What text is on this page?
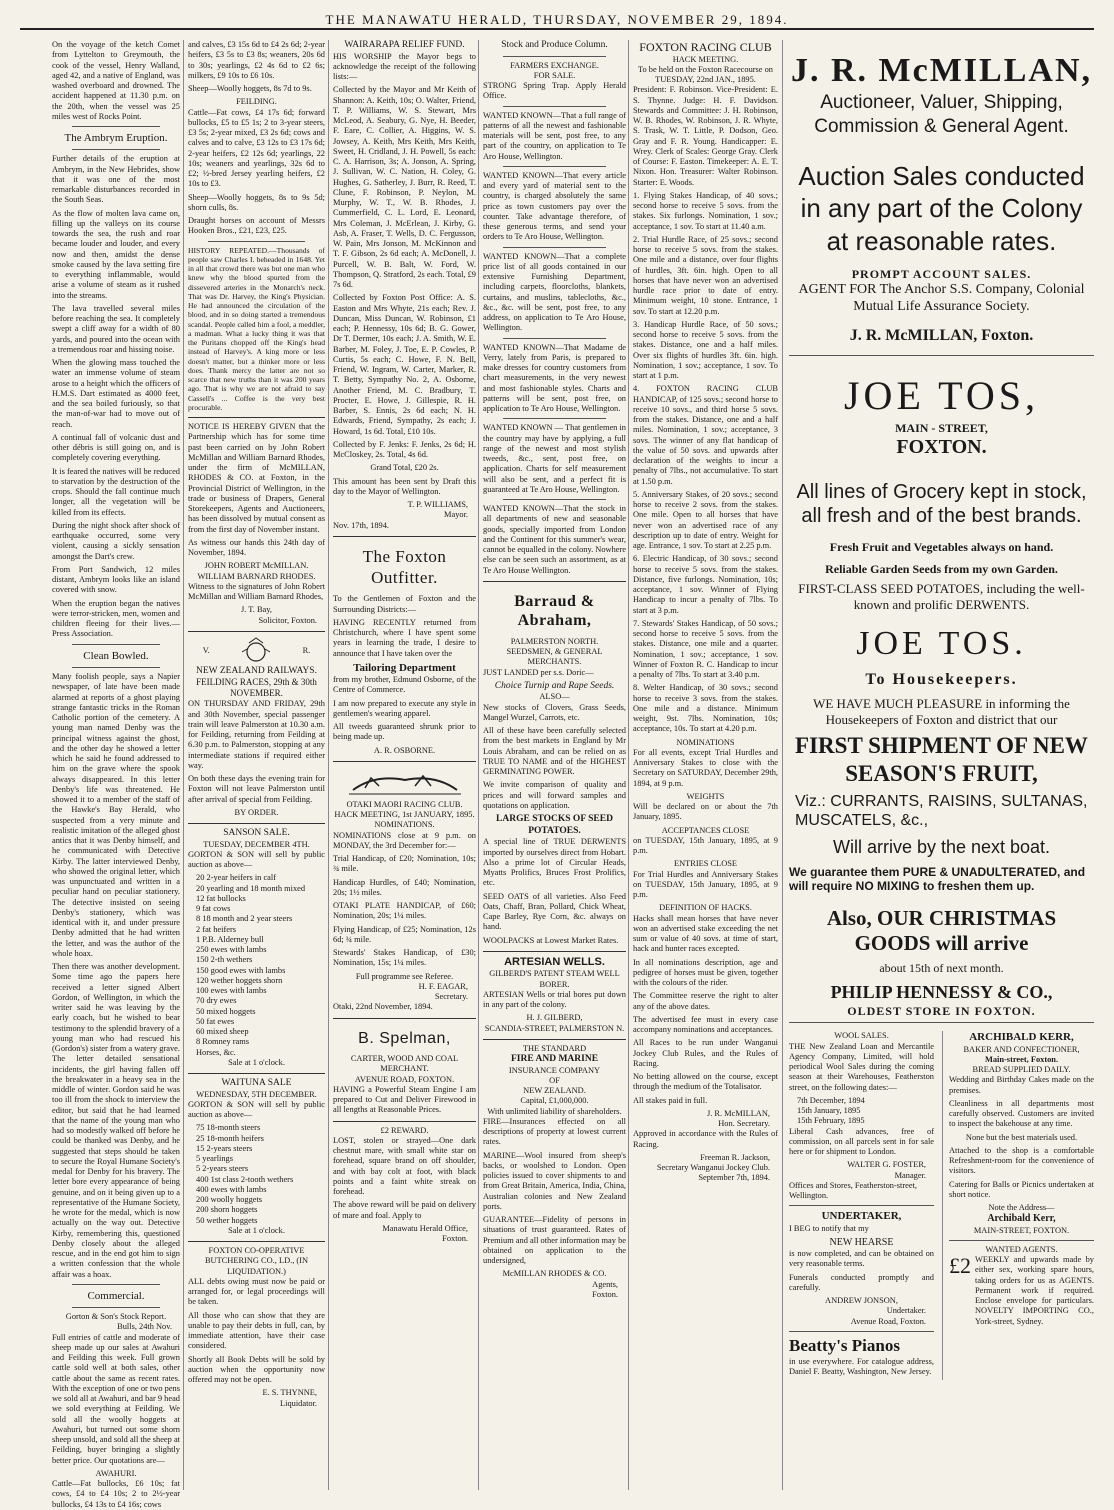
THE MANAWATU HERALD, THURSDAY, NOVEMBER 29, 1894.

On the voyage of the ketch Comet from Lyttelton to Greymouth, the cook of the vessel, Henry Walland, aged 42, and a native of England, was washed overboard and drowned. The accident happened at 11.30 p.m. on the 20th, when the vessel was 25 miles west of Rocks Point.

The Ambrym Eruption.

Further details of the eruption at Ambrym, in the New Hebrides, show that it was one of the most remarkable disturbances recorded in the South Seas.

As the flow of molten lava came on, filling up the valleys on its course towards the sea, the rush and roar became louder and louder, and every now and then, amidst the dense smoke caused by the lava setting fire to everything inflammable, would arise a volume of steam as it rushed into the streams.

The lava travelled several miles before reaching the sea. It completely swept a cliff away for a width of 80 yards, and poured into the ocean with a tremendous roar and hissing noise.

When the glowing mass touched the water an immense volume of steam arose to a height which the officers of H.M.S. Dart estimated as 4000 feet, and the sea boiled furiously, so that the man-of-war had to move out of reach.

A continual fall of volcanic dust and other débris is still going on, and is completely covering everything.

It is feared the natives will be reduced to starvation by the destruction of the crops. Should the fall continue much longer, all the vegetation will be killed from its effects.

During the night shock after shock of earthquake occurred, some very violent, causing a sickly sensation amongst the Dart's crew.

From Port Sandwich, 12 miles distant, Ambrym looks like an island covered with snow.

When the eruption began the natives were terror-stricken, men, women and children fleeing for their lives.—Press Association.

Clean Bowled.

Many foolish people, says a Napier newspaper, of late have been made alarmed at reports of a ghost playing strange fantastic tricks in the Roman Catholic portion of the cemetery. A young man named Denby was the principal witness against the ghost, and the other day he showed a letter which he said he found addressed to him on the grave where the spook always disappeared. In this letter Denby's life was threatened. He showed it to a member of the staff of the Hawke's Bay Herald, who suspected from a very minute and realistic imitation of the alleged ghost antics that it was Denby himself, and he communicated with Detective Kirby. The latter interviewed Denby, who showed the original letter, which was unpunctuated and written in a peculiar hand on peculiar stationery. The detective insisted on seeing Denby's stationery, which was identical with it, and under pressure Denby admitted that he had written the letter, and was the author of the whole hoax.

Then there was another development. Some time ago the papers here received a letter signed Albert Gordon, of Wellington, in which the writer said he was leaving by the early coach, but he wished to bear testimony to the splendid bravery of a young man who had rescued his (Gordon's) sister from a watery grave. The letter detailed sensational incidents, the girl having fallen off the breakwater in a heavy sea in the middle of winter. Gordon said he was too ill from the shock to interview the editor, but said that he had learned that the name of the young man who had so modestly walked off before he could be thanked was Denby, and he suggested that steps should be taken to secure the Royal Humane Society's medal for Denby for his bravery. The letter bore every appearance of being genuine, and on it being given up to a representative of the Humane Society, he wrote for the medal, which is now actually on the way out. Detective Kirby, remembering this, questioned Denby closely about the alleged rescue, and in the end got him to sign a written confession that the whole affair was a hoax.

Commercial.
Gorton & Son's Stock Report.
Bulls, 24th Nov.

Full entries of cattle and moderate of sheep made up our sales at Awahuri and Feilding this week. Full grown cattle sold well at both sales, other cattle about the same as recent rates. With the exception of one or two pens we sold all at Awahuri, and bar 9 head we sold everything at Feilding. We sold all the woolly hoggets at Awahuri, but turned out some shorn sheep unsold, and sold all the sheep at Feilding, buyer bringing a slightly better price. Our quotations are—

AWAHURI.

Cattle—Fat bullocks, £6 10s; fat cows, £4 to £4 10s; 2 to 2½-year bullocks, £4 13s to £4 16s; cows

and calves, £3 15s 6d to £4 2s 6d; 2-year heifers, £3 5s to £3 8s; weaners, 20s 6d to 30s; yearlings, £2 4s 6d to £2 6s; milkers, £9 10s to £6 10s.

Sheep—Woolly hoggets, 8s 7d to 9s.

FEILDING.

Cattle—Fat cows, £4 17s 6d; forward bullocks, £5 to £5 1s; 2 to 3-year steers, £3 5s; 2-year mixed, £3 2s 6d; cows and calves and to calve, £3 12s to £3 17s 6d; 2-year heifers, £2 12s 6d; yearlings, 22 10s; weaners and yearlings, 32s 6d to £2; ½-bred Jersey yearling heifers, £2 10s to £3.

Sheep—Woolly hoggets, 8s to 9s 5d; shorn culls, 8s.

Draught horses on account of Messrs Hooken Bros., £21, £23, £25.

HISTORY REPEATED.—Thousands of people saw Charles I. beheaded in 1648. Yet in all that crowd there was but one man who knew why the blood spurted from the dissevered arteries in the Monarch's neck. That was Dr. Harvey, the King's Physician. He had announced the circulation of the blood, and in so doing started a tremendous scandal. People called him a fool, a meddler, a madman. What a lucky thing it was that the Puritans chopped off the King's head instead of Harvey's. A king more or less doesn't matter, but a thinker more or less does. Thank mercy the latter are not so scarce that new truths than it was 200 years ago. That is why we are not afraid to say Cassell's ... Coffee is the very best procurable.

NOTICE IS HEREBY GIVEN that the Partnership which has for some time past been carried on by John Robert McMillan and William Barnard Rhodes, under the firm of McMILLAN, RHODES & CO. at Foxton, in the Provincial District of Wellington, in the trade or business of Drapers, General Storekeepers, Agents and Auctioneers, has been dissolved by mutual consent as from the first day of November instant.

As witness our hands this 24th day of November, 1894.

JOHN ROBERT McMILLAN.
WILLIAM BARNARD RHODES.

Witness to the signatures of John Robert McMillan and William Barnard Rhodes,

J. T. Bay,
Solicitor, Foxton.
V.	R.
NEW ZEALAND RAILWAYS.
FEILDING RACES, 29th & 30th NOVEMBER.

ON THURSDAY AND FRIDAY, 29th and 30th November, special passenger train will leave Palmerston at 10.30 a.m. for Feilding, returning from Feilding at 6.30 p.m. to Palmerston, stopping at any intermediate stations if required either way.

On both these days the evening train for Foxton will not leave Palmerston until after arrival of special from Feilding.

BY ORDER.
SANSON SALE.
TUESDAY, DECEMBER 4TH.

GORTON & SON will sell by public auction as above—

20 2-year heifers in calf
20 yearling and 18 month mixed
12 fat bullocks
9 fat cows
8 18 month and 2 year steers
2 fat heifers
1 P.B. Alderney bull
250 ewes with lambs
150 2-th wethers
150 good ewes with lambs
120 wether hoggets shorn
100 ewes with lambs
70 dry ewes
50 mixed hoggets
50 fat ewes
60 mixed sheep
8 Romney rams
Horses, &c.
Sale at 1 o'clock.
WAITUNA SALE
WEDNESDAY, 5TH DECEMBER.

GORTON & SON will sell by public auction as above—

75 18-month steers
25 18-month heifers
15 2-years steers
5 yearlings
5 2-years steers
400 1st class 2-tooth wethers
400 ewes with lambs
200 woolly hoggets
200 shorn hoggets
50 wether hoggets
Sale at 1 o'clock.
FOXTON CO-OPERATIVE BUTCHERING CO., LD., (IN LIQUIDATION.)

ALL debts owing must now be paid or arranged for, or legal proceedings will be taken.

All those who can show that they are unable to pay their debts in full, can, by immediate attention, have their case considered.

Shortly all Book Debts will be sold by auction when the opportunity now offered may not be open.

E. S. THYNNE,
Liquidator.
WAIRARAPA RELIEF FUND.

HIS WORSHIP the Mayor begs to acknowledge the receipt of the following lists:—

Collected by the Mayor and Mr Keith of Shannon: A. Keith, 10s; O. Walter, Friend, T. P. Williams, W. S. Stewart, Mrs McLeod, A. Seabury, G. Nye, H. Beeder, F. Eare, C. Collier, A. Higgins, W. S. Jowsey, A. Keith, Mrs Keith, Mrs Keith, Sweet, H. Cridland, J. H. Powell, 5s each: C. A. Harrison, 3s; A. Jonson, A. Spring, J. Sullivan, W. C. Nation, H. Coley, G. Hughes, G. Satherley, J. Burr, R. Reed, T. Clune, F. Robinson, P. Neylon, M. Murphy, W. T., W. B. Rhodes, J. Cummerfield, C. L. Lord, E. Leonard, Mrs Coleman, J. McErlean, J. Kirby, G. Asb, A. Fraser, T. Wells, D. C. Fergusson, W. Pain, Mrs Jonson, M. McKinnon and T. F. Gibson, 2s 6d each; A. McDonell, J. Purcell, W. B. Balt, W. Ford, W. Thompson, Q. Stratford, 2s each. Total, £9 7s 6d.

Collected by Foxton Post Office: A. S. Easton and Mrs Whyte, 21s each; Rev. J. Duncan, Miss Duncan, W. Robinson, £1 each; P. Hennessy, 10s 6d; B. G. Gower, Dr T. Dermer, 10s each; J. A. Smith, W. E. Barber, M. Foley, J. Toe, E. P. Cowles, P. Curtis, 5s each; C. Howe, F. N. Bell, Friend, W. Ingram, W. Carter, Marker, R. T. Betty, Sympathy No. 2, A. Osborne, Another Friend, M. C. Bradbury, T. Procter, E. Howe, J. Gillespie, R. H. Barber, S. Ennis, 2s 6d each; N. H. Edwards, Friend, Sympathy, 2s each; J. Howard, 1s 6d. Total, £10 10s.

Collected by F. Jenks: F. Jenks, 2s 6d; H. McCloskey, 2s. Total, 4s 6d.

Grand Total, £20 2s.

This amount has been sent by Draft this day to the Mayor of Wellington.

T. P. WILLIAMS,
Mayor.
Nov. 17th, 1894.
The Foxton Outfitter.

To the Gentlemen of Foxton and the Surrounding Districts:—

HAVING RECENTLY returned from Christchurch, where I have spent some years in learning the trade, I desire to announce that I have taken over the

Tailoring Department

from my brother, Edmund Osborne, of the Centre of Commerce.

I am now prepared to execute any style in gentlemen's wearing apparel.

All tweeds guaranteed shrunk prior to being made up.

A. R. OSBORNE.
OTAKI MAORI RACING CLUB.
HACK MEETING, 1st JANUARY, 1895.
NOMINATIONS.

NOMINATIONS close at 9 p.m. on MONDAY, the 3rd December for:—

Trial Handicap, of £20; Nomination, 10s; ¾ mile.

Handicap Hurdles, of £40; Nomination, 20s; 1½ miles.

OTAKI PLATE HANDICAP, of £60; Nomination, 20s; 1¼ miles.

Flying Handicap, of £25; Nomination, 12s 6d; ¾ mile.

Stewards' Stakes Handicap, of £30; Nomination, 15s; 1¼ miles.

Full programme see Referee.
H. F. EAGAR,
Secretary.
Otaki, 22nd November, 1894.
B. Spelman,
CARTER, WOOD AND COAL MERCHANT.
AVENUE ROAD, FOXTON.

HAVING a Powerful Steam Engine I am prepared to Cut and Deliver Firewood in all lengths at Reasonable Prices.

£2 REWARD.

LOST, stolen or strayed—One dark chestnut mare, with small white star on forehead, square brand on off shoulder, and with bay colt at foot, with black points and a faint white streak on forehead.

The above reward will be paid on delivery of mare and foal. Apply to

Manawatu Herald Office,
Foxton.
Stock and Produce Column.
FARMERS EXCHANGE.
FOR SALE.

STRONG Spring Trap. Apply Herald Office.

WANTED KNOWN—That a full range of patterns of all the newest and fashionable materials will be sent, post free, to any part of the country, on application to Te Aro House, Wellington.

WANTED KNOWN—That every article and every yard of material sent to the country, is charged absolutely the same price as town customers pay over the counter. Take advantage therefore, of these generous terms, and send your orders to Te Aro House, Wellington.

WANTED KNOWN—That a complete price list of all goods contained in our extensive Furnishing Department, including carpets, floorcloths, blankets, curtains, and muslins, tablecloths, &c., &c., &c. will be sent, post free, to any address, on application to Te Aro House, Wellington.

WANTED KNOWN—That Madame de Verry, lately from Paris, is prepared to make dresses for country customers from chart measurements, in the very newest and most fashionable styles. Charts and patterns will be sent, post free, on application to Te Aro House, Wellington.

WANTED KNOWN — That gentlemen in the country may have by applying, a full range of the newest and most stylish tweeds, &c., sent, post free, on application. Charts for self measurement will also be sent, and a perfect fit is guaranteed at Te Aro House, Wellington.

WANTED KNOWN—That the stock in all departments of new and seasonable goods, specially imported from London and the Continent for this summer's wear, cannot be equalled in the colony. Nowhere else can be seen such an assortment, as at Te Aro House Wellington.

Barraud & Abraham,
PALMERSTON NORTH.
SEEDSMEN, & GENERAL MERCHANTS.

JUST LANDED per s.s. Doric—

Choice Turnip and Rape Seeds.
ALSO—

New stocks of Clovers, Grass Seeds, Mangel Wurzel, Carrots, etc.

All of these have been carefully selected from the best markets in England by Mr Louis Abraham, and can be relied on as TRUE TO NAME and of the HIGHEST GERMINATING POWER.

We invite comparison of quality and prices and will forward samples and quotations on application.

LARGE STOCKS OF SEED POTATOES.

A special line of TRUE DERWENTS imported by ourselves direct from Hobart. Also a prime lot of Circular Heads, Myatts Prolifics, Bruces Frost Prolifics, etc.

SEED OATS of all varieties. Also Feed Oats, Chaff, Bran, Pollard, Chick Wheat, Cape Barley, Rye Corn, &c. always on hand.

WOOLPACKS at Lowest Market Rates.

ARTESIAN WELLS.
GILBERD'S PATENT STEAM WELL BORER.

ARTESIAN Wells or trial bores put down in any part of the colony.

H. J. GILBERD,
SCANDIA-STREET, PALMERSTON N.
THE STANDARD
FIRE AND MARINE
INSURANCE COMPANY
OF
NEW ZEALAND.
Capital, £1,000,000.
With unlimited liability of shareholders.

FIRE—Insurances effected on all descriptions of property at lowest current rates.

MARINE—Wool insured from sheep's backs, or woolshed to London. Open policies issued to cover shipments to and from Great Britain, America, India, China, Australian colonies and New Zealand ports.

GUARANTEE—Fidelity of persons in situations of trust guaranteed. Rates of Premium and all other information may be obtained on application to the undersigned,

McMILLAN RHODES & CO.
Agents,
Foxton.
FOXTON RACING CLUB
HACK MEETING.
To be held on the Foxton Racecourse on
TUESDAY, 22nd JAN., 1895.

President: F. Robinson. Vice-President: E. S. Thynne. Judge: H. F. Davidson. Stewards and Committee: J. H. Robinson, W. B. Rhodes, W. Robinson, J. R. Whyte, S. Trask, W. T. Little, P. Dodson, Geo. Gray and F. R. Young. Handicapper: E. Wrey. Clerk of Scales: George Gray. Clerk of Course: F. Easton. Timekeeper: A. E. T. Nixon. Hon. Treasurer: Walter Robinson. Starter: E. Woods.

1. Flying Stakes Handicap, of 40 sovs.; second horse to receive 5 sovs. from the stakes. Six furlongs. Nomination, 1 sov.; acceptance, 1 sov. To start at 11.40 a.m.

2. Trial Hurdle Race, of 25 sovs.; second horse to receive 5 sovs. from the stakes. One mile and a distance, over four flights of hurdles, 3ft. 6in. high. Open to all horses that have never won an advertised hurdle race prior to date of entry. Minimum weight, 10 stone. Entrance, 1 sov. To start at 12.20 p.m.

3. Handicap Hurdle Race, of 50 sovs.; second horse to receive 5 sovs. from the stakes. Distance, one and a half miles. Over six flights of hurdles 3ft. 6in. high. Nomination, 1 sov.; acceptance, 1 sov. To start at 1 p.m.

4. FOXTON RACING CLUB HANDICAP, of 125 sovs.; second horse to receive 10 sovs., and third horse 5 sovs. from the stakes. Distance, one and a half miles. Nomination, 1 sov.; acceptance, 3 sovs. The winner of any flat handicap of the value of 50 sovs. and upwards after declaration of the weights to incur a penalty of 7lbs., not accumulative. To start at 1.50 p.m.

5. Anniversary Stakes, of 20 sovs.; second horse to receive 2 sovs. from the stakes. One mile. Open to all horses that have never won an advertised race of any description up to date of entry. Weight for age. Entrance, 1 sov. To start at 2.25 p.m.

6. Electric Handicap, of 30 sovs.; second horse to receive 5 sovs. from the stakes. Distance, five furlongs. Nomination, 10s; acceptance, 1 sov. Winner of Flying Handicap to incur a penalty of 7lbs. To start at 3 p.m.

7. Stewards' Stakes Handicap, of 50 sovs.; second horse to receive 5 sovs. from the stakes. Distance, one mile and a quarter. Nomination, 1 sov.; acceptance, 1 sov. Winner of Foxton R. C. Handicap to incur a penalty of 7lbs. To start at 3.40 p.m.

8. Welter Handicap, of 30 sovs.; second horse to receive 3 sovs. from the stakes. One mile and a distance. Minimum weight, 9st. 7lbs. Nomination, 10s; acceptance, 10s. To start at 4.20 p.m.

NOMINATIONS

For all events, except Trial Hurdles and Anniversary Stakes to close with the Secretary on SATURDAY, December 29th, 1894, at 9 p.m.

WEIGHTS

Will be declared on or about the 7th January, 1895.

ACCEPTANCES CLOSE

on TUESDAY, 15th January, 1895, at 9 p.m.

ENTRIES CLOSE

For Trial Hurdles and Anniversary Stakes on TUESDAY, 15th January, 1895, at 9 p.m.

DEFINITION OF HACKS.

Hacks shall mean horses that have never won an advertised stake exceeding the net sum or value of 40 sovs. at time of start, hack and hunter races excepted.

In all nominations description, age and pedigree of horses must be given, together with the colours of the rider.

The Committee reserve the right to alter any of the above dates.

The advertised fee must in every case accompany nominations and acceptances.

All Races to be run under Wanganui Jockey Club Rules, and the Rules of Racing.

No betting allowed on the course, except through the medium of the Totalisator.

All stakes paid in full.

J. R. McMILLAN,
Hon. Secretary.

Approved in accordance with the Rules of Racing.

Freeman R. Jackson,
Secretary Wanganui Jockey Club.
September 7th, 1894.
J. R. McMILLAN,
Auctioneer, Valuer, Shipping, Commission & General Agent.
Auction Sales conducted in any part of the Colony at reasonable rates.
PROMPT ACCOUNT SALES.
AGENT FOR The Anchor S.S. Company, Colonial Mutual Life Assurance Society.
J. R. McMILLAN, Foxton.
JOE TOS,
MAIN - STREET,
FOXTON.
All lines of Grocery kept in stock, all fresh and of the best brands.
Fresh Fruit and Vegetables always on hand.
Reliable Garden Seeds from my own Garden.
FIRST-CLASS SEED POTATOES, including the well-known and prolific DERWENTS.
JOE TOS.
To Housekeepers.
WE HAVE MUCH PLEASURE in informing the Housekeepers of Foxton and district that our
FIRST SHIPMENT OF NEW SEASON'S FRUIT,
Viz.: CURRANTS, RAISINS, SULTANAS, MUSCATELS, &c.,
Will arrive by the next boat.
We guarantee them PURE & UNADULTERATED, and will require NO MIXING to freshen them up.
Also, OUR CHRISTMAS GOODS will arrive
about 15th of next month.
PHILIP HENNESSY & CO.,
OLDEST STORE IN FOXTON.
WOOL SALES.

THE New Zealand Loan and Mercantile Agency Company, Limited, will hold periodical Wool Sales during the coming season at their Warehouses, Featherston street, on the following dates:—

7th December, 1894
15th January, 1895
15th February, 1895

Liberal Cash advances, free of commission, on all parcels sent in for sale here or for shipment to London.

WALTER G. FOSTER,
Manager.
Offices and Stores, Featherston-street, Wellington.
UNDERTAKER,

I BEG to notify that my

NEW HEARSE

is now completed, and can be obtained on very reasonable terms.

Funerals conducted promptly and carefully.

ANDREW JONSON,
Undertaker.
Avenue Road, Foxton.
Beatty's Pianos

in use everywhere. For catalogue address, Daniel F. Beatty, Washington, New Jersey.

ARCHIBALD KERR,
BAKER AND CONFECTIONER,
Main-street, Foxton.
BREAD SUPPLIED DAILY.

Wedding and Birthday Cakes made on the premises.

Cleanliness in all departments most carefully observed. Customers are invited to inspect the bakehouse at any time.

None but the best materials used.

Attached to the shop is a comfortable Refreshment-room for the convenience of visitors.

Catering for Balls or Picnics undertaken at short notice.

Note the Address—
Archibald Kerr,
MAIN-STREET, FOXTON.
WANTED AGENTS.
£2 WEEKLY and upwards made by either sex, working spare hours, taking orders for us as AGENTS. Permanent work if required. Enclose envelope for particulars. NOVELTY IMPORTING CO., York-street, Sydney.
